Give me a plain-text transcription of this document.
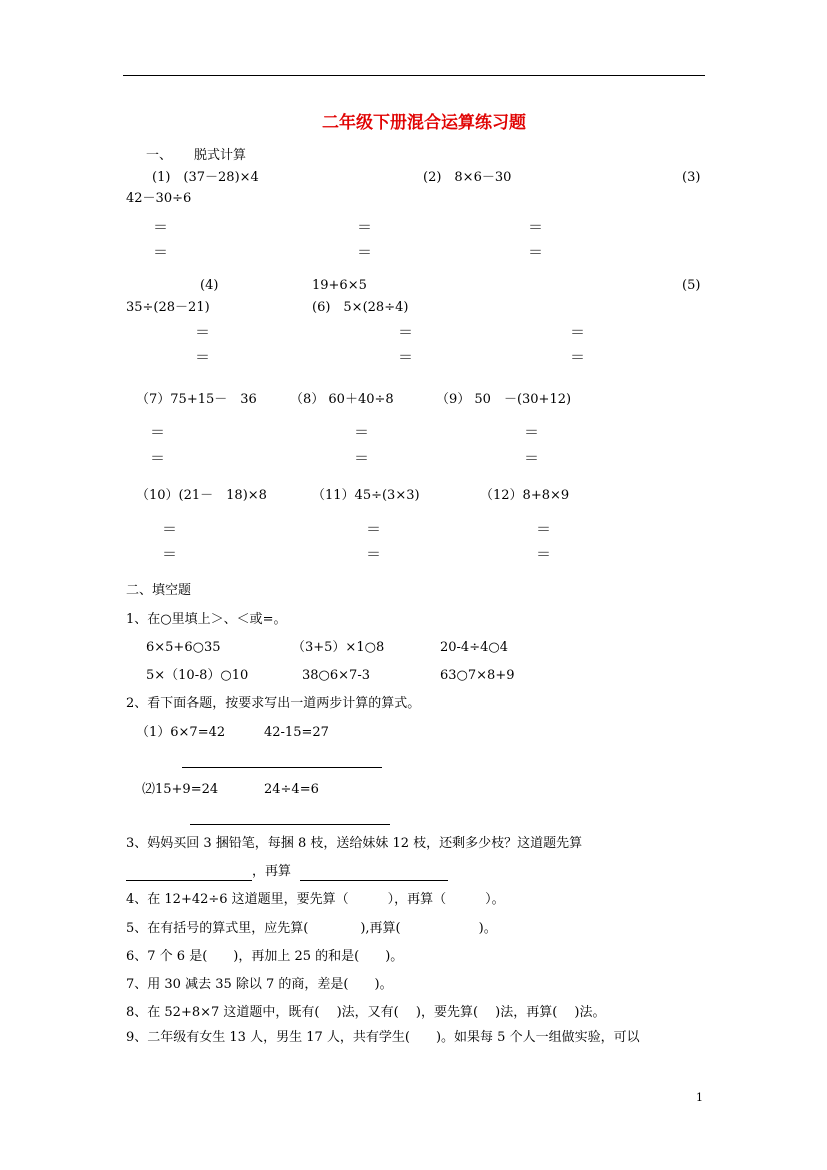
二年级下册混合运算练习题
一、 脱式计算
(1)　(37－28)×4	(2)　8×6－30	(3)
42－30÷6
＝	＝	＝
＝	＝	＝
(4)	19+6×5	(5)
35÷(28－21)	(6)　5×(28÷4)
＝	＝	＝
＝	＝	＝
（7）75+15－　36	（8） 60＋40÷8	（9） 50　－(30+12)
＝	＝	＝
＝	＝	＝
（10）(21－　18)×8	（11）45÷(3×3)	（12）8+8×9
＝	＝	＝
＝	＝	＝
二、填空题
1、在○里填上＞、＜或=。
6×5+6○35	（3+5）×1○8	20-4÷4○4
5×（10-8）○10	38○6×7-3	63○7×8+9
2、看下面各题，按要求写出一道两步计算的算式。
（1）6×7=42	42-15=27
⑵15+9=24	24÷4=6
3、妈妈买回 3 捆铅笔，每捆 8 枝，送给妹妹 12 枝，还剩多少枝？这道题先算
，再算
4、在 12+42÷6 这道题里，要先算（　　　），再算（　　　）。
5、在有括号的算式里，应先算(　　　　),再算(　　　　　　)。
6、7 个 6 是(　　)，再加上 25 的和是(　　)。
7、用 30 减去 35 除以 7 的商，差是(　　)。
8、在 52+8×7 这道题中，既有(　 )法，又有(　 )，要先算(　 )法，再算(　 )法。
9、二年级有女生 13 人，男生 17 人，共有学生(　　)。如果每 5 个人一组做实验，可以
1
